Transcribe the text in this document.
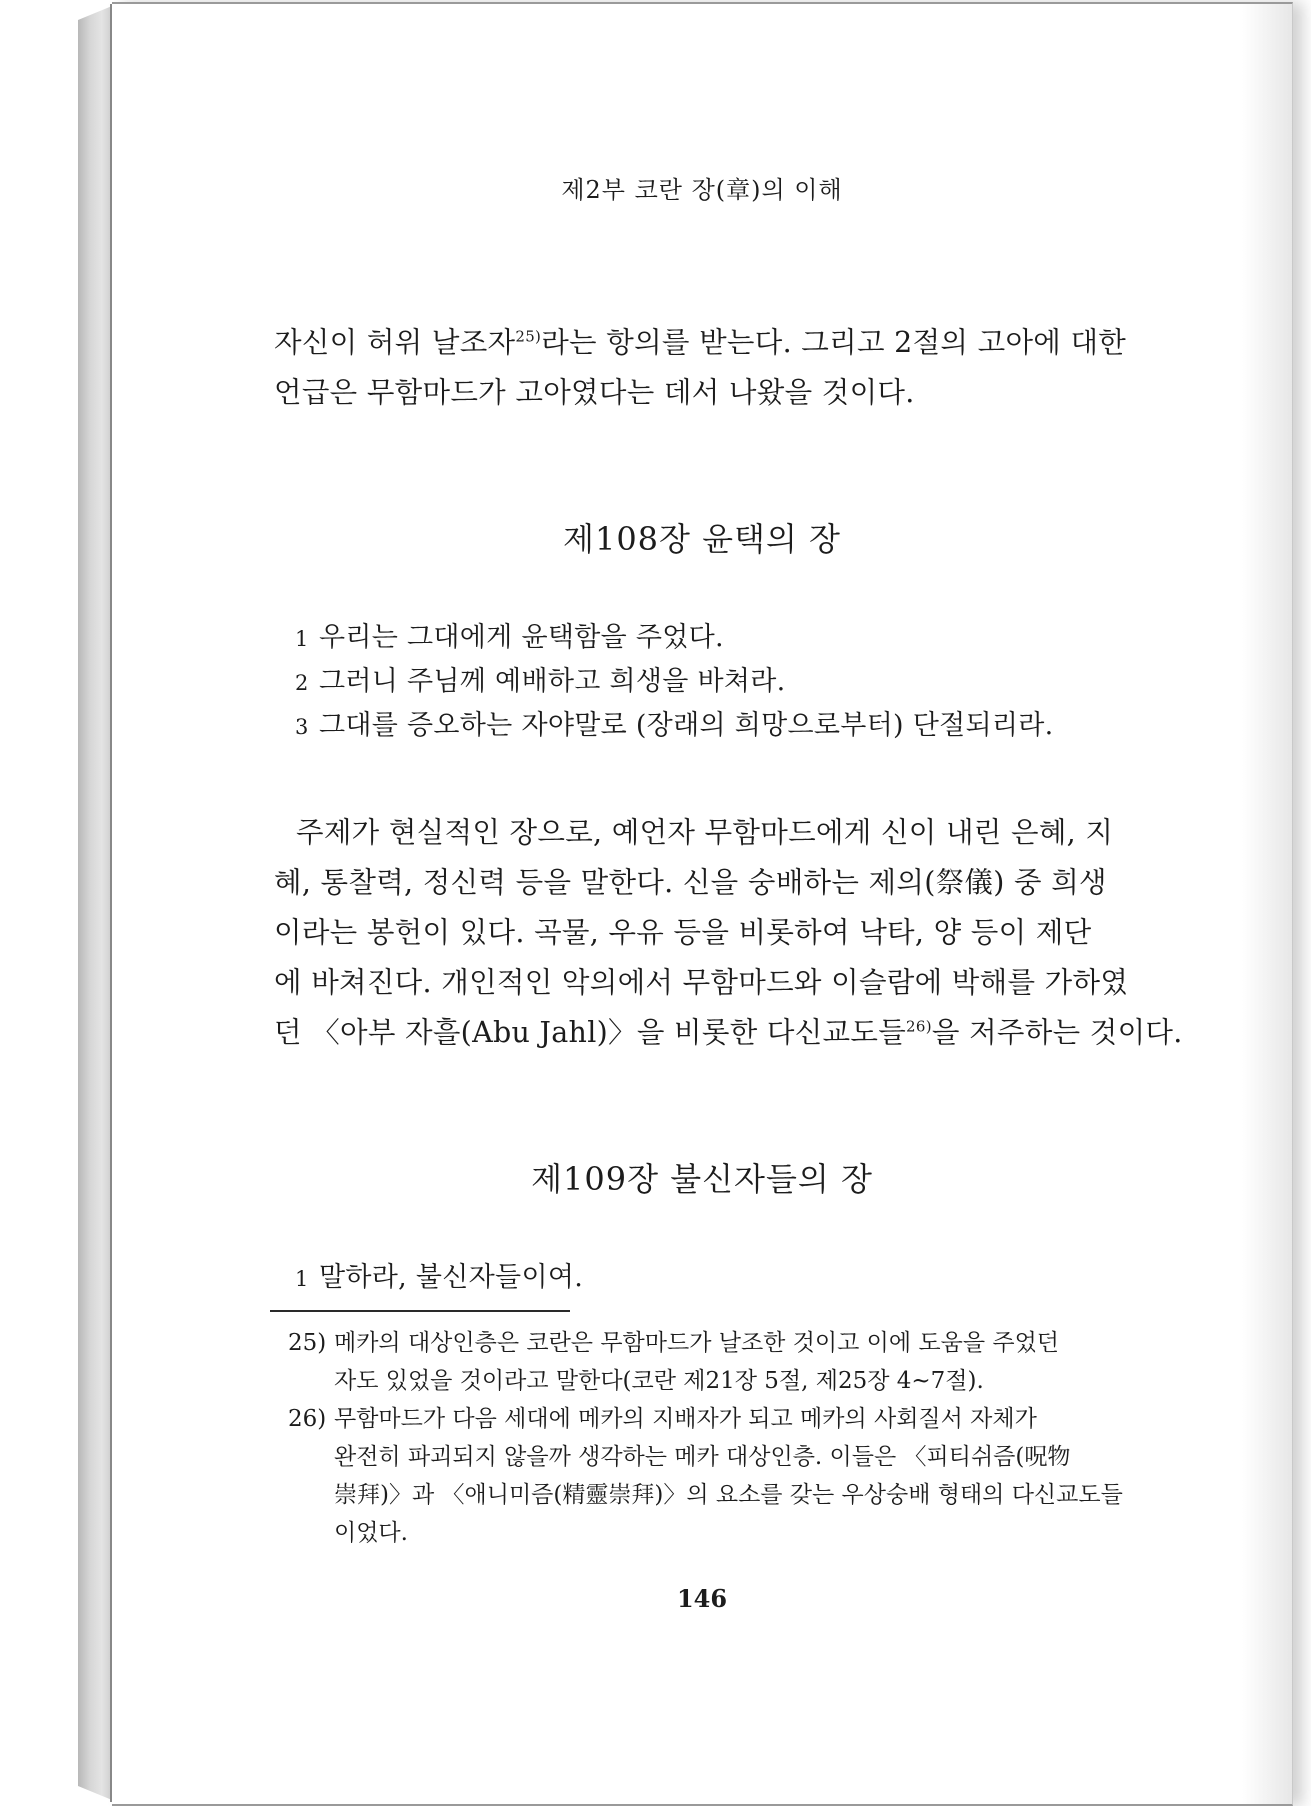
제2부 코란 장(章)의 이해
자신이 허위 날조자$^{25)}$라는 항의를 받는다. 그리고 2절의 고아에 대한
언급은 무함마드가 고아였다는 데서 나왔을 것이다.
제108장 윤택의 장
1 우리는 그대에게 윤택함을 주었다.
2 그러니 주님께 예배하고 희생을 바쳐라.
3 그대를 증오하는 자야말로 (장래의 희망으로부터) 단절되리라.
주제가 현실적인 장으로, 예언자 무함마드에게 신이 내린 은혜, 지
혜, 통찰력, 정신력 등을 말한다. 신을 숭배하는 제의(祭儀) 중 희생
이라는 봉헌이 있다. 곡물, 우유 등을 비롯하여 낙타, 양 등이 제단
에 바쳐진다. 개인적인 악의에서 무함마드와 이슬람에 박해를 가하였
던 〈아부 자흘(Abu Jahl)〉을 비롯한 다신교도들$^{26)}$을 저주하는 것이다.
제109장 불신자들의 장
1 말하라, 불신자들이여.
25) 메카의 대상인층은 코란은 무함마드가 날조한 것이고 이에 도움을 주었던
자도 있었을 것이라고 말한다(코란 제21장 5절, 제25장 4~7절).
26) 무함마드가 다음 세대에 메카의 지배자가 되고 메카의 사회질서 자체가
완전히 파괴되지 않을까 생각하는 메카 대상인층. 이들은 〈피티쉬즘(呪物
崇拜)〉과 〈애니미즘(精靈崇拜)〉의 요소를 갖는 우상숭배 형태의 다신교도들
이었다.
146
